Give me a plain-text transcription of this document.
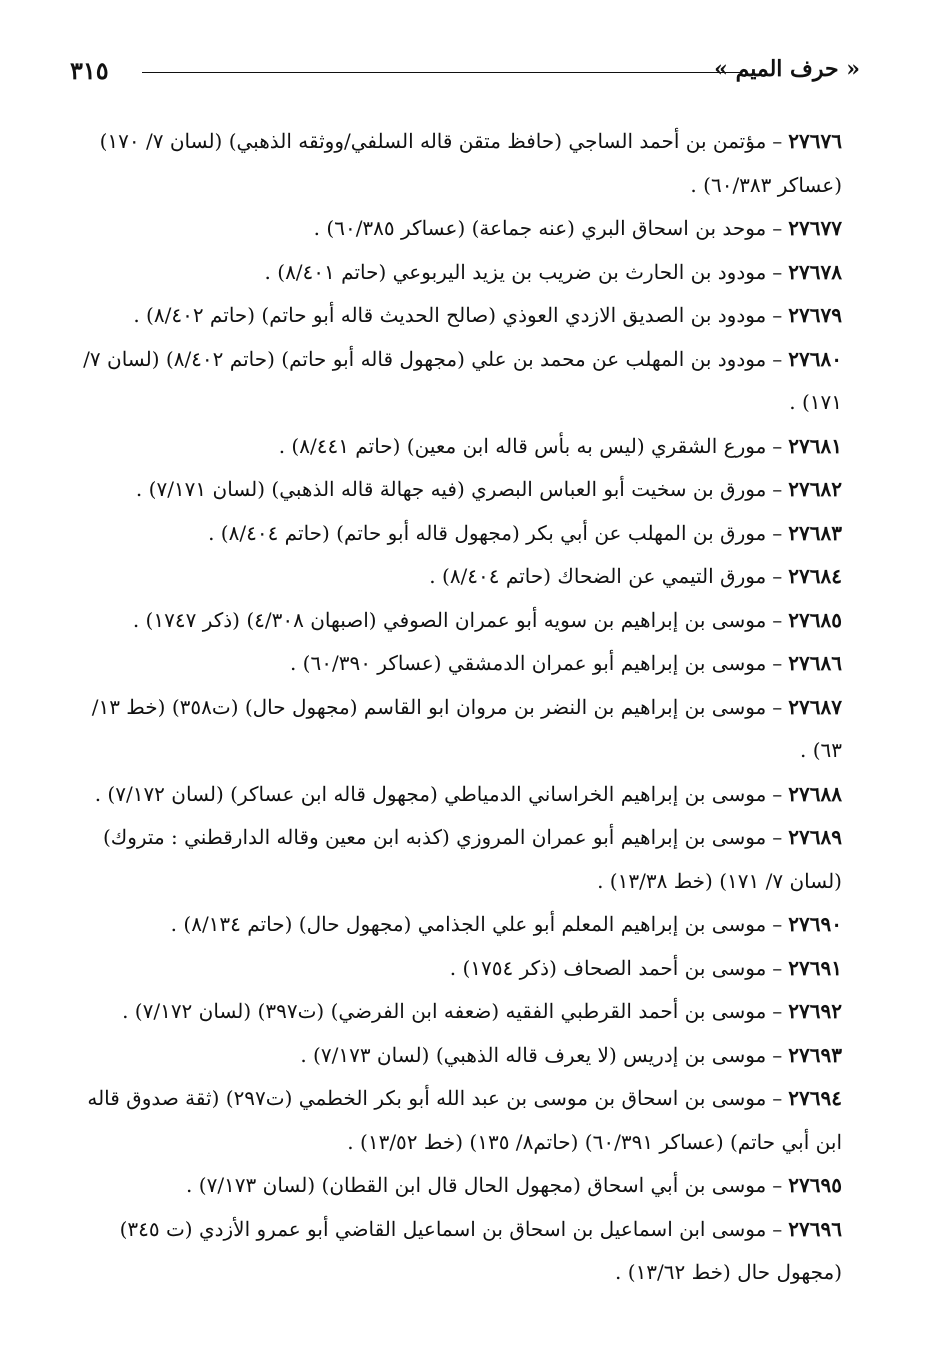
« حرف الميم »
٣١٥
٢٧٦٧٦–مؤتمن بن أحمد الساجي (حافظ متقن قاله السلفي/ووثقه الذهبي) (لسان ٧/ ١٧٠) (عساكر ٦٠/٣٨٣) .
٢٧٦٧٧–موحد بن اسحاق البري (عنه جماعة) (عساكر ٦٠/٣٨٥) .
٢٧٦٧٨–مودود بن الحارث بن ضريب بن يزيد اليربوعي (حاتم ٨/٤٠١) .
٢٧٦٧٩–مودود بن الصديق الازدي العوذي (صالح الحديث قاله أبو حاتم) (حاتم ٨/٤٠٢) .
٢٧٦٨٠–مودود بن المهلب عن محمد بن علي (مجهول قاله أبو حاتم) (حاتم ٨/٤٠٢) (لسان ٧/ ١٧١) .
٢٧٦٨١–مورع الشقري (ليس به بأس قاله ابن معين) (حاتم ٨/٤٤١) .
٢٧٦٨٢–مورق بن سخيت أبو العباس البصري (فيه جهالة قاله الذهبي) (لسان ٧/١٧١) .
٢٧٦٨٣–مورق بن المهلب عن أبي بكر (مجهول قاله أبو حاتم) (حاتم ٨/٤٠٤) .
٢٧٦٨٤–مورق التيمي عن الضحاك (حاتم ٨/٤٠٤) .
٢٧٦٨٥–موسى بن إبراهيم بن سويه أبو عمران الصوفي (اصبهان ٤/٣٠٨) (ذكر ١٧٤٧) .
٢٧٦٨٦–موسى بن إبراهيم أبو عمران الدمشقي (عساكر ٦٠/٣٩٠) .
٢٧٦٨٧–موسى بن إبراهيم بن النضر بن مروان ابو القاسم (مجهول حال) (ت٣٥٨) (خط ١٣/ ٦٣) .
٢٧٦٨٨–موسى بن إبراهيم الخراساني الدمياطي (مجهول قاله ابن عساكر) (لسان ٧/١٧٢) .
٢٧٦٨٩–موسى بن إبراهيم أبو عمران المروزي (كذبه ابن معين وقاله الدارقطني : متروك) (لسان ٧/ ١٧١) (خط ١٣/٣٨) .
٢٧٦٩٠–موسى بن إبراهيم المعلم أبو علي الجذامي (مجهول حال) (حاتم ٨/١٣٤) .
٢٧٦٩١–موسى بن أحمد الصحاف (ذكر ١٧٥٤) .
٢٧٦٩٢–موسى بن أحمد القرطبي الفقيه (ضعفه ابن الفرضي) (ت٣٩٧) (لسان ٧/١٧٢) .
٢٧٦٩٣–موسى بن إدريس (لا يعرف قاله الذهبي) (لسان ٧/١٧٣) .
٢٧٦٩٤–موسى بن اسحاق بن موسى بن عبد الله أبو بكر الخطمي (ت٢٩٧) (ثقة صدوق قاله ابن أبي حاتم) (عساكر ٦٠/٣٩١) (حاتم٨/ ١٣٥) (خط ١٣/٥٢) .
٢٧٦٩٥–موسى بن أبي اسحاق (مجهول الحال قال ابن القطان) (لسان ٧/١٧٣) .
٢٧٦٩٦–موسى ابن اسماعيل بن اسحاق بن اسماعيل القاضي أبو عمرو الأزدي (ت ٣٤٥) (مجهول حال (خط ١٣/٦٢) .
